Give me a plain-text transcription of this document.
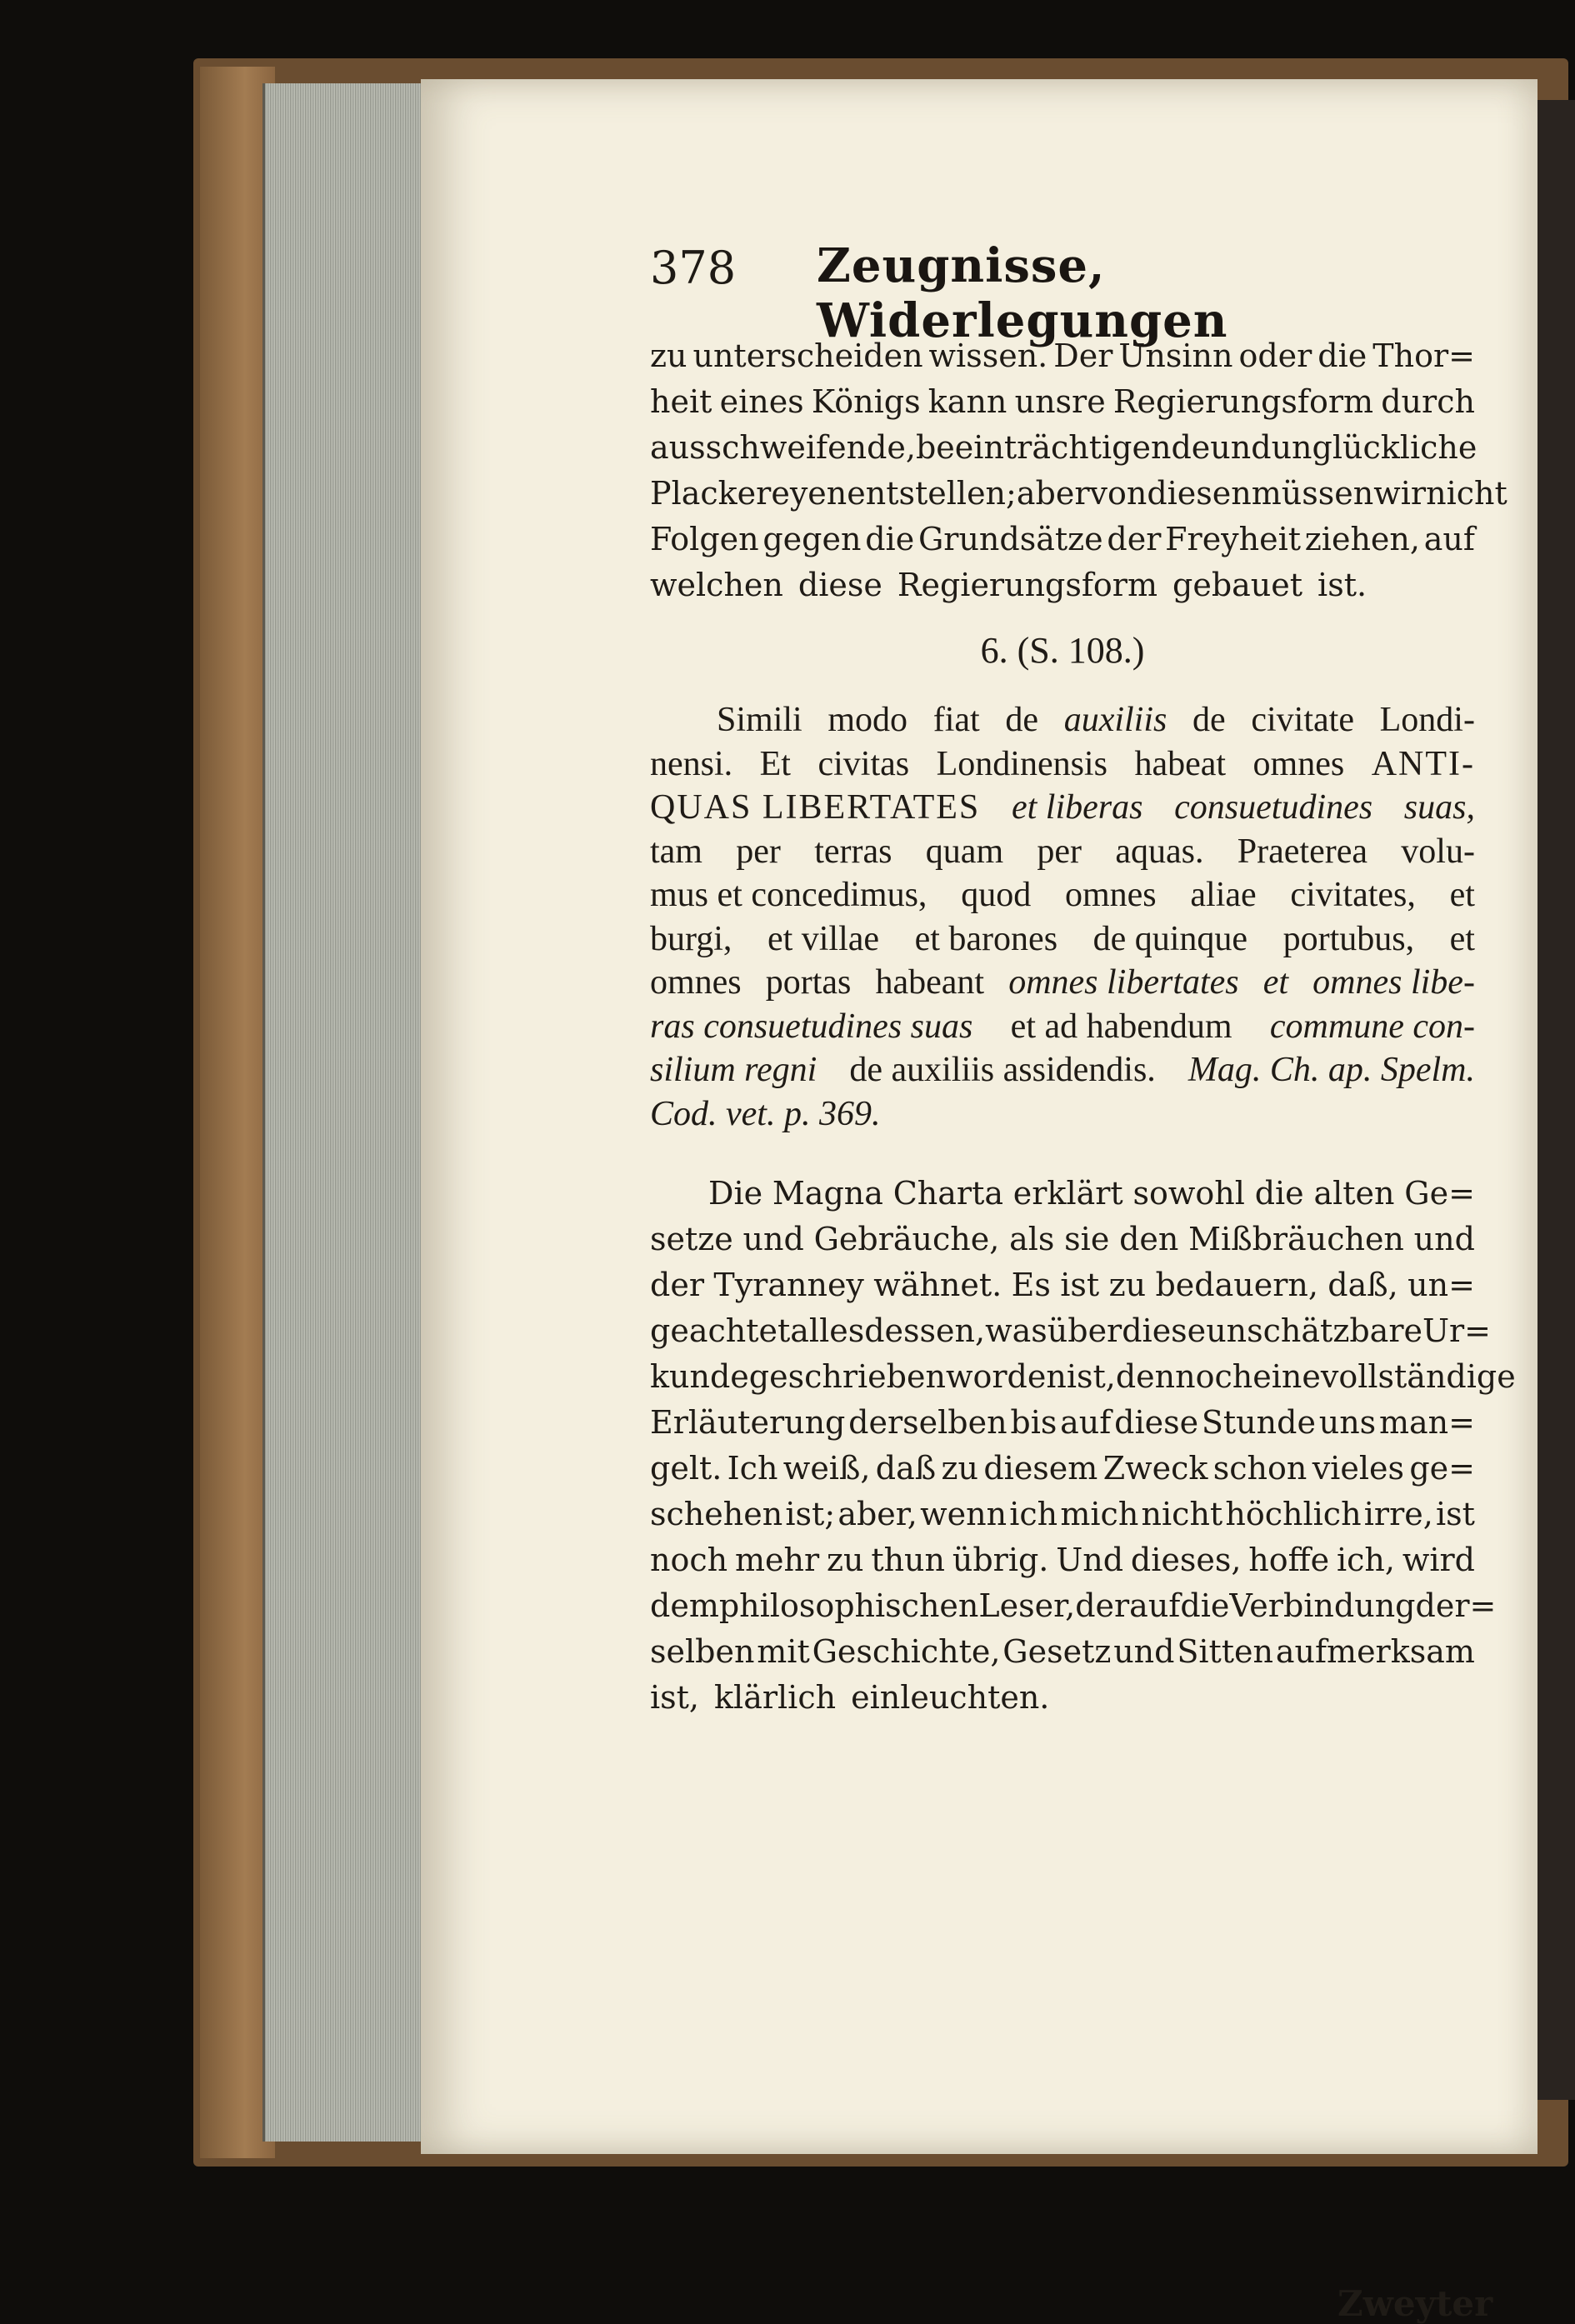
378 Zeugnisse, Widerlegungen
zu unterscheiden wissen. Der Unsinn oder die Thor=
heit eines Königs kann unsre Regierungsform durch
ausschweifende, beeinträchtigende und unglückliche
Plackereyen entstellen; aber von diesen müssen wir nicht
Folgen gegen die Grundsätze der Freyheit ziehen, auf
welchen diese Regierungsform gebauet ist.
6. (S. 108.)
Simili modo fiat de auxiliis de civitate Londi-
nensi. Et civitas Londinensis habeat omnes ANTI-
QUAS LIBERTATES et liberas consuetudines suas,
tam per terras quam per aquas. Praeterea volu-
mus et concedimus, quod omnes aliae civitates, et
burgi, et villae et barones de quinque portubus, et
omnes portas habeant omnes libertates et omnes libe-
ras consuetudines suas et ad habendum commune con-
silium regni de auxiliis assidendis. Mag. Ch. ap. Spelm.
Cod. vet. p. 369.
Die Magna Charta erklärt sowohl die alten Ge=
setze und Gebräuche, als sie den Mißbräuchen und
der Tyranney wähnet. Es ist zu bedauern, daß, un=
geachtet alles dessen, was über diese unschätzbare Ur=
kunde geschrieben worden ist, dennoch eine vollständige
Erläuterung derselben bis auf diese Stunde uns man=
gelt. Ich weiß, daß zu diesem Zweck schon vieles ge=
schehen ist; aber, wenn ich mich nicht höchlich irre, ist
noch mehr zu thun übrig. Und dieses, hoffe ich, wird
dem philosophischen Leser, der auf die Verbindung der=
selben mit Geschichte, Gesetz und Sitten aufmerksam
ist, klärlich einleuchten.
Zweyter
